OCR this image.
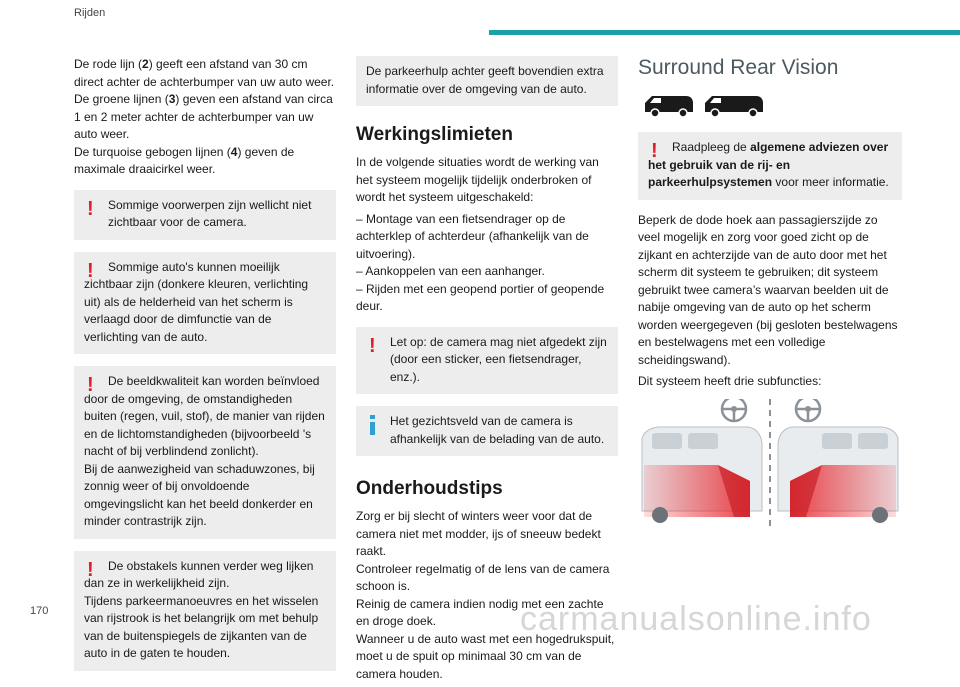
Rijden

De rode lijn (2) geeft een afstand van 30 cm direct achter de achterbumper van uw auto weer.
De groene lijnen (3) geven een afstand van circa 1 en 2 meter achter de achterbumper van uw auto weer.
De turquoise gebogen lijnen (4) geven de maximale draaicirkel weer.

!	Sommige voorwerpen zijn wellicht niet zichtbaar voor de camera.
!	Sommige auto's kunnen moeilijk zichtbaar zijn (donkere kleuren, verlichting uit) als de helderheid van het scherm is verlaagd door de dimfunctie van de verlichting van de auto.
!	De beeldkwaliteit kan worden beïnvloed door de omgeving, de omstandigheden buiten (regen, vuil, stof), de manier van rijden en de lichtomstandigheden (bijvoorbeeld 's nacht of bij verblindend zonlicht).
Bij de aanwezigheid van schaduwzones, bij zonnig weer of bij onvoldoende omgevingslicht kan het beeld donkerder en minder contrastrijk zijn.
!	De obstakels kunnen verder weg lijken dan ze in werkelijkheid zijn.
Tijdens parkeermanoeuvres en het wisselen van rijstrook is het belangrijk om met behulp van de buitenspiegels de zijkanten van de auto in de gaten te houden.
De parkeerhulp achter geeft bovendien extra informatie over de omgeving van de auto.
Werkingslimieten

In de volgende situaties wordt de werking van het systeem mogelijk tijdelijk onderbroken of wordt het systeem uitgeschakeld:

– Montage van een fietsendrager op de achterklep of achterdeur (afhankelijk van de uitvoering).
– Aankoppelen van een aanhanger.
– Rijden met een geopend portier of geopende deur.
!	Let op: de camera mag niet afgedekt zijn (door een sticker, een fietsendrager, enz.).
Het gezichtsveld van de camera is afhankelijk van de belading van de auto.
Onderhoudstips
Zorg er bij slecht of winters weer voor dat de camera niet met modder, ijs of sneeuw bedekt raakt.
Controleer regelmatig of de lens van de camera schoon is.
Reinig de camera indien nodig met een zachte en droge doek.
Wanneer u de auto wast met een hogedrukspuit, moet u de spuit op minimaal 30 cm van de camera houden.
Surround Rear Vision
!	Raadpleeg de algemene adviezen over het gebruik van de rij- en parkeerhulpsystemen voor meer informatie.

Beperk de dode hoek aan passagierszijde zo veel mogelijk en zorg voor goed zicht op de zijkant en achterzijde van de auto door met het scherm dit systeem te gebruiken; dit systeem gebruikt twee camera’s waarvan beelden uit de nabije omgeving van de auto op het scherm worden weergegeven (bij gesloten bestelwagens en bestelwagens met een volledige scheidingswand).

Dit systeem heeft drie subfuncties:

170	carmanualsonline.info
